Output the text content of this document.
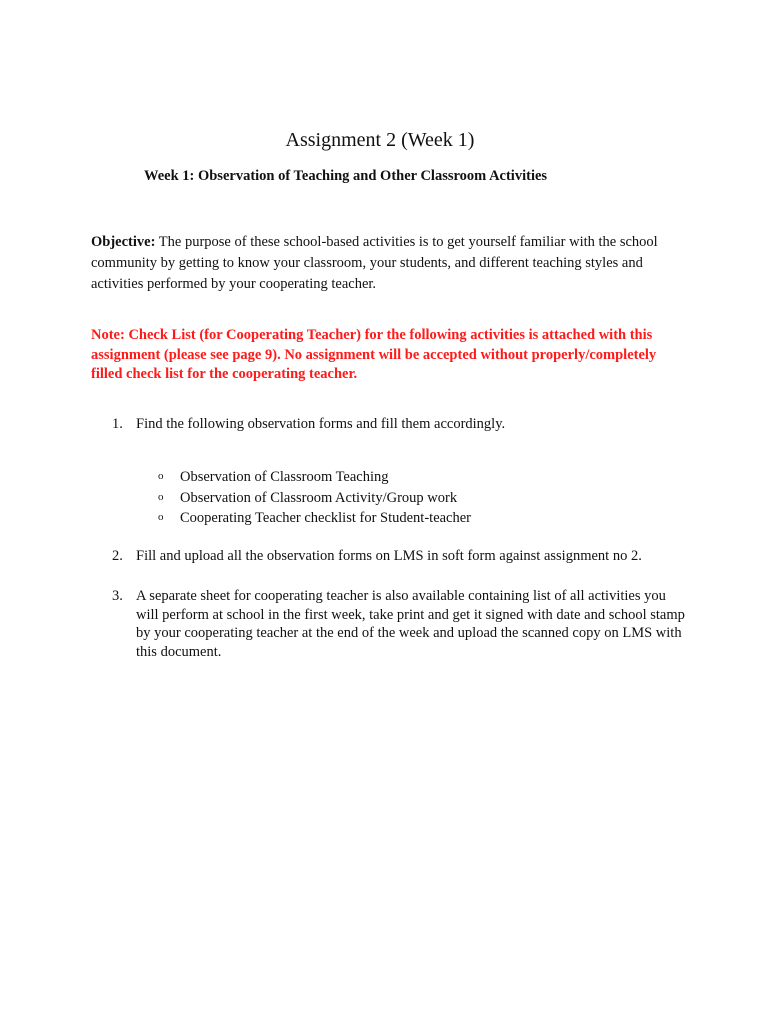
Assignment 2 (Week 1)
Week 1: Observation of Teaching and Other Classroom Activities
Objective: The purpose of these school-based activities is to get yourself familiar with the school community by getting to know your classroom, your students, and different teaching styles and activities performed by your cooperating teacher.
Note: Check List (for Cooperating Teacher) for the following activities is attached with this assignment (please see page 9). No assignment will be accepted without properly/completely filled check list for the cooperating teacher.
1. Find the following observation forms and fill them accordingly.
o Observation of Classroom Teaching
o Observation of Classroom Activity/Group work
o Cooperating Teacher checklist for Student-teacher
2. Fill and upload all the observation forms on LMS in soft form against assignment no 2.
3. A separate sheet for cooperating teacher is also available containing list of all activities you will perform at school in the first week, take print and get it signed with date and school stamp by your cooperating teacher at the end of the week and upload the scanned copy on LMS with this document.
